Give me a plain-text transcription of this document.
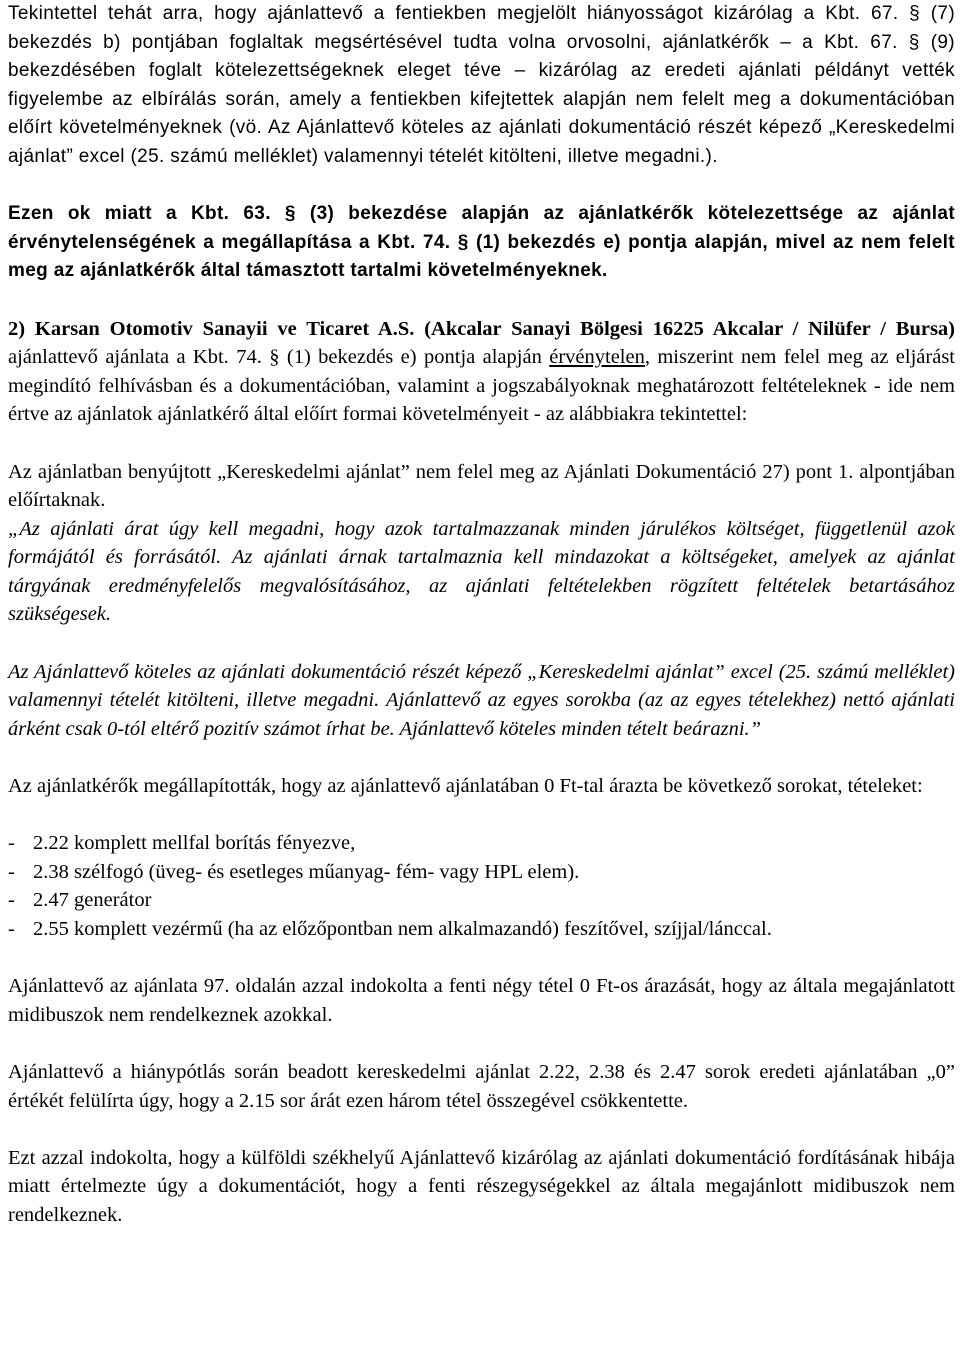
Tekintettel tehát arra, hogy ajánlattevő a fentiekben megjelölt hiányosságot kizárólag a Kbt. 67. § (7) bekezdés b) pontjában foglaltak megsértésével tudta volna orvosolni, ajánlatkérők – a Kbt. 67. § (9) bekezdésében foglalt kötelezettségeknek eleget téve – kizárólag az eredeti ajánlati példányt vették figyelembe az elbírálás során, amely a fentiekben kifejtettek alapján nem felelt meg a dokumentációban előírt követelményeknek (vö. Az Ajánlattevő köteles az ajánlati dokumentáció részét képező „Kereskedelmi ajánlat” excel (25. számú melléklet) valamennyi tételét kitölteni, illetve megadni.).

Ezen ok miatt a Kbt. 63. § (3) bekezdése alapján az ajánlatkérők kötelezettsége az ajánlat érvénytelenségének a megállapítása a Kbt. 74. § (1) bekezdés e) pontja alapján, mivel az nem felelt meg az ajánlatkérők által támasztott tartalmi követelményeknek.

2) Karsan Otomotiv Sanayii ve Ticaret A.S. (Akcalar Sanayi Bölgesi 16225 Akcalar / Nilüfer / Bursa) ajánlattevő ajánlata a Kbt. 74. § (1) bekezdés e) pontja alapján érvénytelen, miszerint nem felel meg az eljárást megindító felhívásban és a dokumentációban, valamint a jogszabályoknak meghatározott feltételeknek - ide nem értve az ajánlatok ajánlatkérő által előírt formai követelményeit - az alábbiakra tekintettel:

Az ajánlatban benyújtott „Kereskedelmi ajánlat” nem felel meg az Ajánlati Dokumentáció 27) pont 1. alpontjában előírtaknak.

„Az ajánlati árat úgy kell megadni, hogy azok tartalmazzanak minden járulékos költséget, függetlenül azok formájától és forrásától. Az ajánlati árnak tartalmaznia kell mindazokat a költségeket, amelyek az ajánlat tárgyának eredményfelelős megvalósításához, az ajánlati feltételekben rögzített feltételek betartásához szükségesek.

Az Ajánlattevő köteles az ajánlati dokumentáció részét képező „Kereskedelmi ajánlat” excel (25. számú melléklet) valamennyi tételét kitölteni, illetve megadni. Ajánlattevő az egyes sorokba (az az egyes tételekhez) nettó ajánlati árként csak 0-tól eltérő pozitív számot írhat be. Ajánlattevő köteles minden tételt beárazni.”

Az ajánlatkérők megállapították, hogy az ajánlattevő ajánlatában 0 Ft-tal árazta be következő sorokat, tételeket:

- 2.22 komplett mellfal borítás fényezve,
- 2.38 szélfogó (üveg- és esetleges műanyag- fém- vagy HPL elem).
- 2.47 generátor
- 2.55 komplett vezérmű (ha az előzőpontban nem alkalmazandó) feszítővel, szíjjal/lánccal.

Ajánlattevő az ajánlata 97. oldalán azzal indokolta a fenti négy tétel 0 Ft-os árazását, hogy az általa megajánlatott midibuszok nem rendelkeznek azokkal.

Ajánlattevő a hiánypótlás során beadott kereskedelmi ajánlat 2.22, 2.38 és 2.47 sorok eredeti ajánlatában „0” értékét felülírta úgy, hogy a 2.15 sor árát ezen három tétel összegével csökkentette.

Ezt azzal indokolta, hogy a külföldi székhelyű Ajánlattevő kizárólag az ajánlati dokumentáció fordításának hibája miatt értelmezte úgy a dokumentációt, hogy a fenti részegységekkel az általa megajánlott midibuszok nem rendelkeznek.
